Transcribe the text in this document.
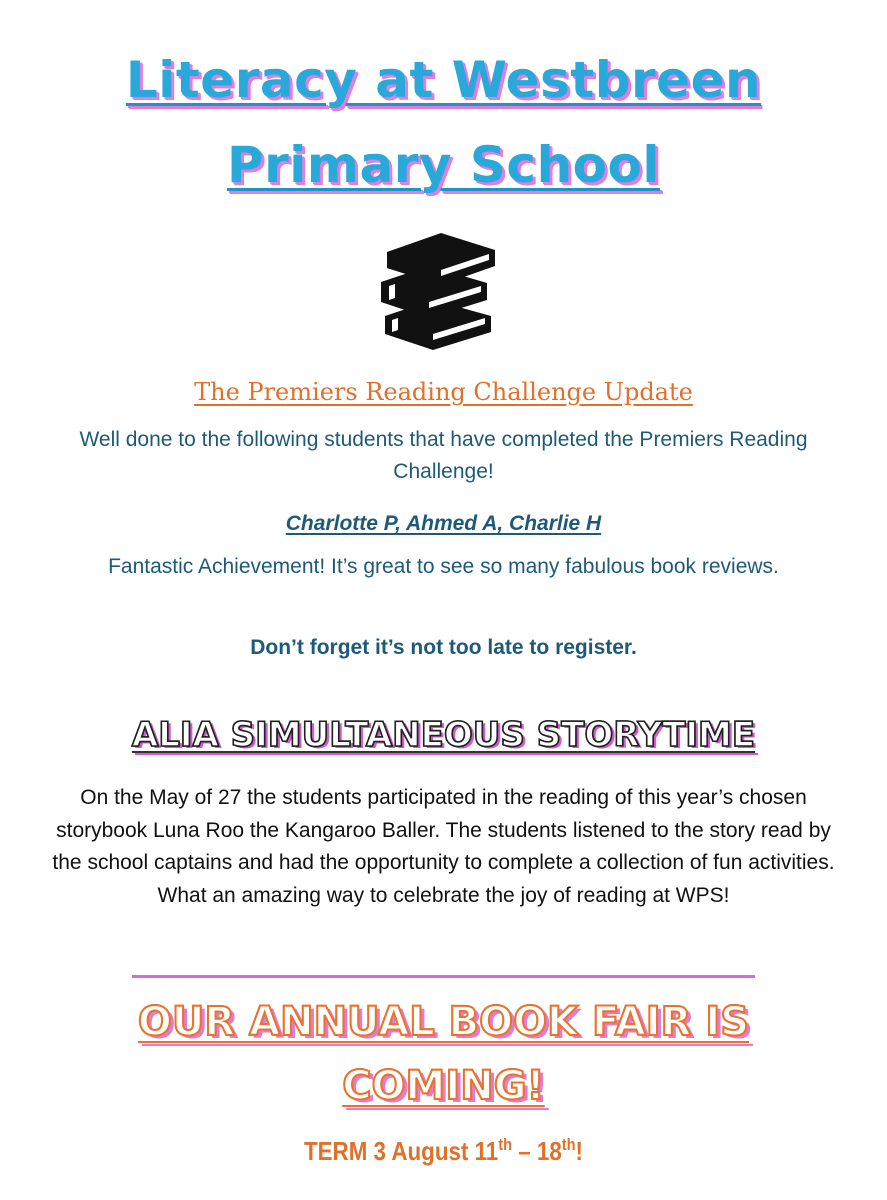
Literacy at Westbreen
Primary School
The Premiers Reading Challenge Update

Well done to the following students that have completed the Premiers Reading Challenge!

Charlotte P, Ahmed A, Charlie H

Fantastic Achievement! It’s great to see so many fabulous book reviews.

Don’t forget it’s not too late to register.

ALIA SIMULTANEOUS STORYTIME

On the May of 27 the students participated in the reading of this year’s chosen storybook Luna Roo the Kangaroo Baller. The students listened to the story read by the school captains and had the opportunity to complete a collection of fun activities. What an amazing way to celebrate the joy of reading at WPS!

OUR ANNUAL BOOK FAIR IS
COMING!
TERM 3 August 11th – 18th!
